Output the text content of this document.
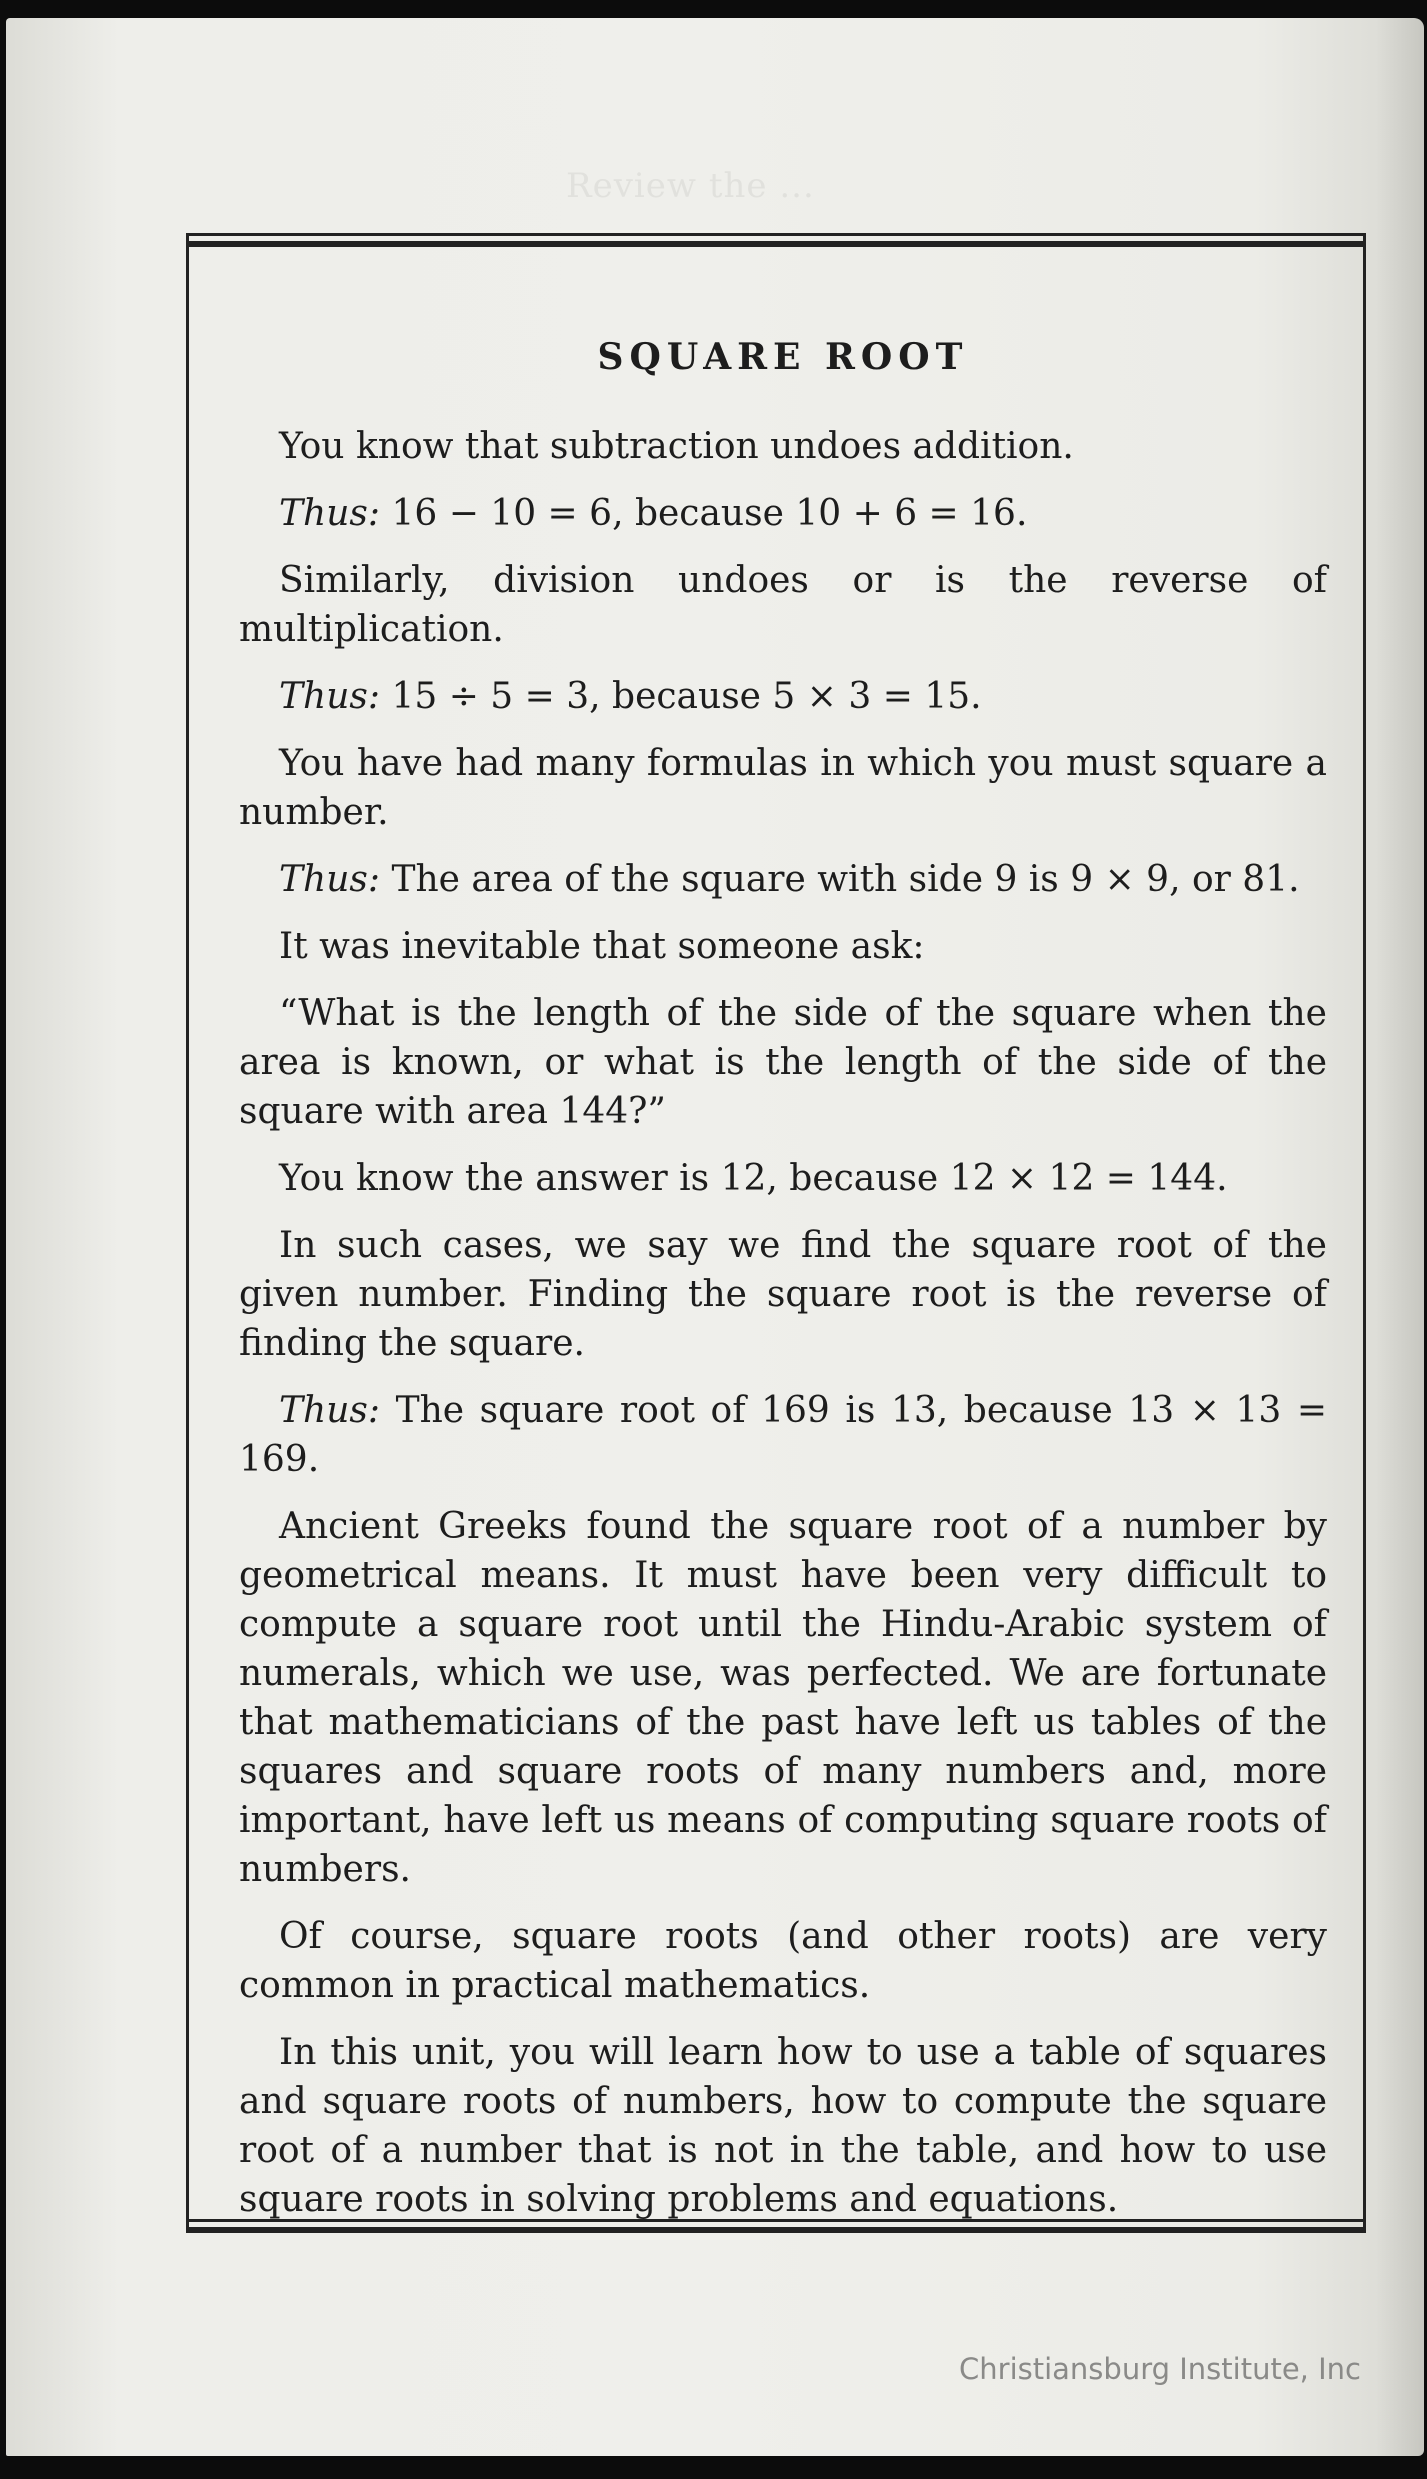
SQUARE ROOT

You know that subtraction undoes addition.

Thus: 16 − 10 = 6, because 10 + 6 = 16.

Similarly, division undoes or is the reverse of multiplication.

Thus: 15 ÷ 5 = 3, because 5 × 3 = 15.

You have had many formulas in which you must square a number.

Thus: The area of the square with side 9 is 9 × 9, or 81.

It was inevitable that someone ask:

“What is the length of the side of the square when the area is known, or what is the length of the side of the square with area 144?”

You know the answer is 12, because 12 × 12 = 144.

In such cases, we say we find the square root of the given number. Finding the square root is the reverse of finding the square.

Thus: The square root of 169 is 13, because 13 × 13 = 169.

Ancient Greeks found the square root of a number by geometrical means. It must have been very difficult to compute a square root until the Hindu-Arabic system of numerals, which we use, was perfected. We are fortunate that mathematicians of the past have left us tables of the squares and square roots of many numbers and, more important, have left us means of computing square roots of numbers.

Of course, square roots (and other roots) are very common in practical mathematics.

In this unit, you will learn how to use a table of squares and square roots of numbers, how to compute the square root of a number that is not in the table, and how to use square roots in solving problems and equations.

Review the ...
Christiansburg Institute, Inc
